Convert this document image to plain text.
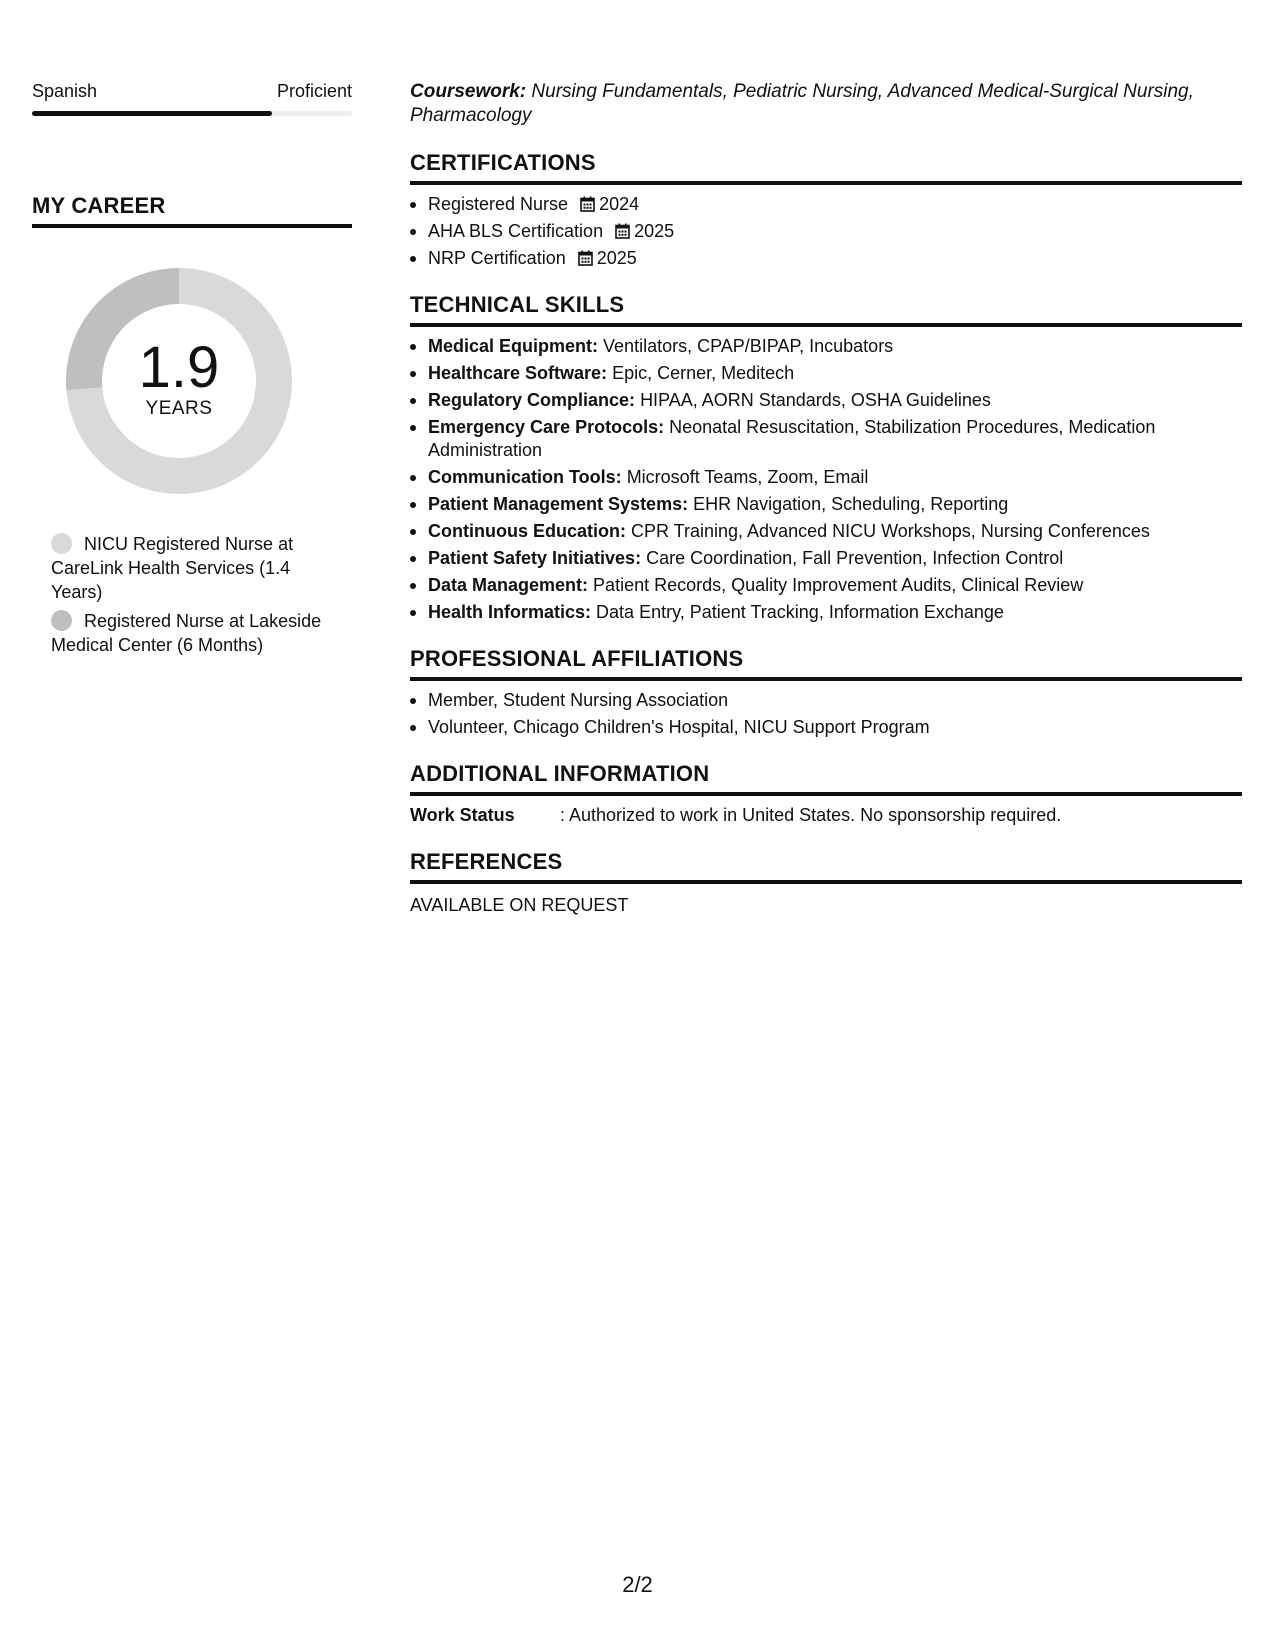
Spanish	Proficient
MY CAREER
1.9
YEARS
NICU Registered Nurse at CareLink Health Services (1.4 Years)
Registered Nurse at Lakeside Medical Center (6 Months)
Coursework: Nursing Fundamentals, Pediatric Nursing, Advanced Medical-Surgical Nursing, Pharmacology
CERTIFICATIONS
Registered Nurse 2024
AHA BLS Certification 2025
NRP Certification 2025
TECHNICAL SKILLS
Medical Equipment: Ventilators, CPAP/BIPAP, Incubators
Healthcare Software: Epic, Cerner, Meditech
Regulatory Compliance: HIPAA, AORN Standards, OSHA Guidelines
Emergency Care Protocols: Neonatal Resuscitation, Stabilization Procedures, Medication Administration
Communication Tools: Microsoft Teams, Zoom, Email
Patient Management Systems: EHR Navigation, Scheduling, Reporting
Continuous Education: CPR Training, Advanced NICU Workshops, Nursing Conferences
Patient Safety Initiatives: Care Coordination, Fall Prevention, Infection Control
Data Management: Patient Records, Quality Improvement Audits, Clinical Review
Health Informatics: Data Entry, Patient Tracking, Information Exchange
PROFESSIONAL AFFILIATIONS
Member, Student Nursing Association
Volunteer, Chicago Children's Hospital, NICU Support Program
ADDITIONAL INFORMATION
Work Status	: Authorized to work in United States. No sponsorship required.
REFERENCES
AVAILABLE ON REQUEST
2/2
